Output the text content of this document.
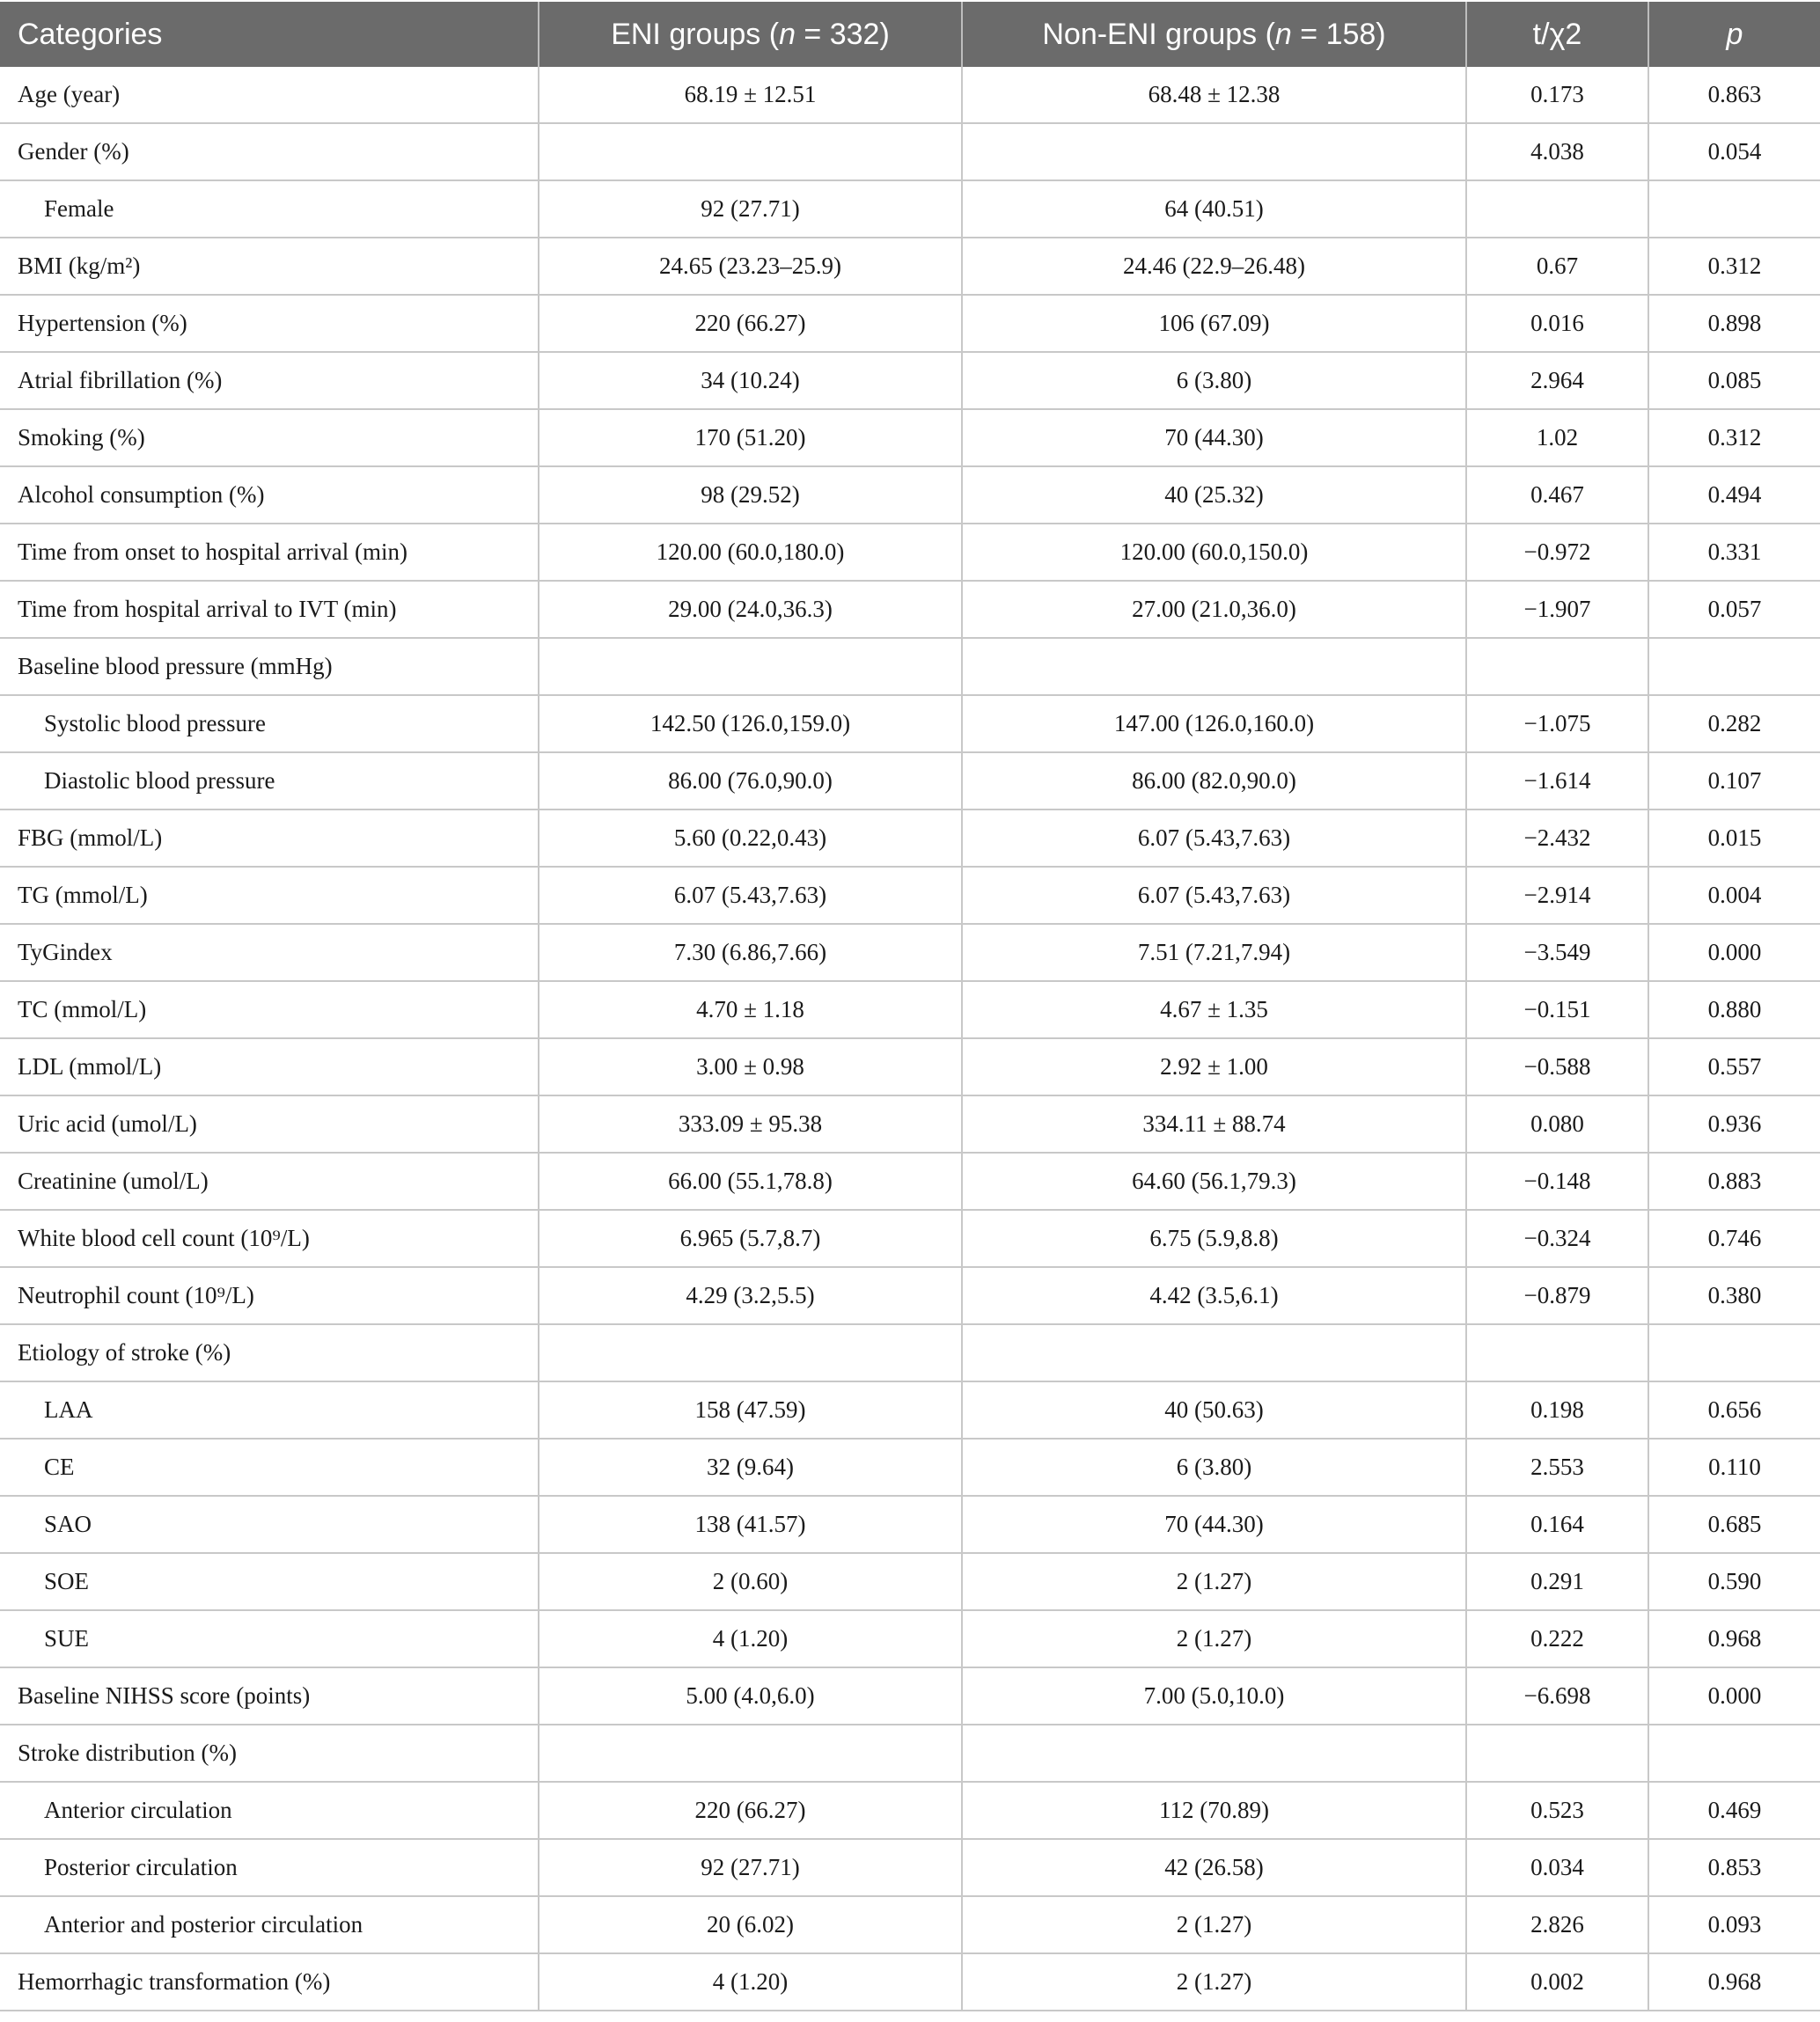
Categories	ENI groups (n = 332)	Non-ENI groups (n = 158)	t/χ2	p
Age (year)	68.19 ± 12.51	68.48 ± 12.38	0.173	0.863
Gender (%)			4.038	0.054
Female	92 (27.71)	64 (40.51)		
BMI (kg/m²)	24.65 (23.23–25.9)	24.46 (22.9–26.48)	0.67	0.312
Hypertension (%)	220 (66.27)	106 (67.09)	0.016	0.898
Atrial fibrillation (%)	34 (10.24)	6 (3.80)	2.964	0.085
Smoking (%)	170 (51.20)	70 (44.30)	1.02	0.312
Alcohol consumption (%)	98 (29.52)	40 (25.32)	0.467	0.494
Time from onset to hospital arrival (min)	120.00 (60.0,180.0)	120.00 (60.0,150.0)	−0.972	0.331
Time from hospital arrival to IVT (min)	29.00 (24.0,36.3)	27.00 (21.0,36.0)	−1.907	0.057
Baseline blood pressure (mmHg)				
Systolic blood pressure	142.50 (126.0,159.0)	147.00 (126.0,160.0)	−1.075	0.282
Diastolic blood pressure	86.00 (76.0,90.0)	86.00 (82.0,90.0)	−1.614	0.107
FBG (mmol/L)	5.60 (0.22,0.43)	6.07 (5.43,7.63)	−2.432	0.015
TG (mmol/L)	6.07 (5.43,7.63)	6.07 (5.43,7.63)	−2.914	0.004
TyGindex	7.30 (6.86,7.66)	7.51 (7.21,7.94)	−3.549	0.000
TC (mmol/L)	4.70 ± 1.18	4.67 ± 1.35	−0.151	0.880
LDL (mmol/L)	3.00 ± 0.98	2.92 ± 1.00	−0.588	0.557
Uric acid (umol/L)	333.09 ± 95.38	334.11 ± 88.74	0.080	0.936
Creatinine (umol/L)	66.00 (55.1,78.8)	64.60 (56.1,79.3)	−0.148	0.883
White blood cell count (10⁹/L)	6.965 (5.7,8.7)	6.75 (5.9,8.8)	−0.324	0.746
Neutrophil count (10⁹/L)	4.29 (3.2,5.5)	4.42 (3.5,6.1)	−0.879	0.380
Etiology of stroke (%)				
LAA	158 (47.59)	40 (50.63)	0.198	0.656
CE	32 (9.64)	6 (3.80)	2.553	0.110
SAO	138 (41.57)	70 (44.30)	0.164	0.685
SOE	2 (0.60)	2 (1.27)	0.291	0.590
SUE	4 (1.20)	2 (1.27)	0.222	0.968
Baseline NIHSS score (points)	5.00 (4.0,6.0)	7.00 (5.0,10.0)	−6.698	0.000
Stroke distribution (%)				
Anterior circulation	220 (66.27)	112 (70.89)	0.523	0.469
Posterior circulation	92 (27.71)	42 (26.58)	0.034	0.853
Anterior and posterior circulation	20 (6.02)	2 (1.27)	2.826	0.093
Hemorrhagic transformation (%)	4 (1.20)	2 (1.27)	0.002	0.968
